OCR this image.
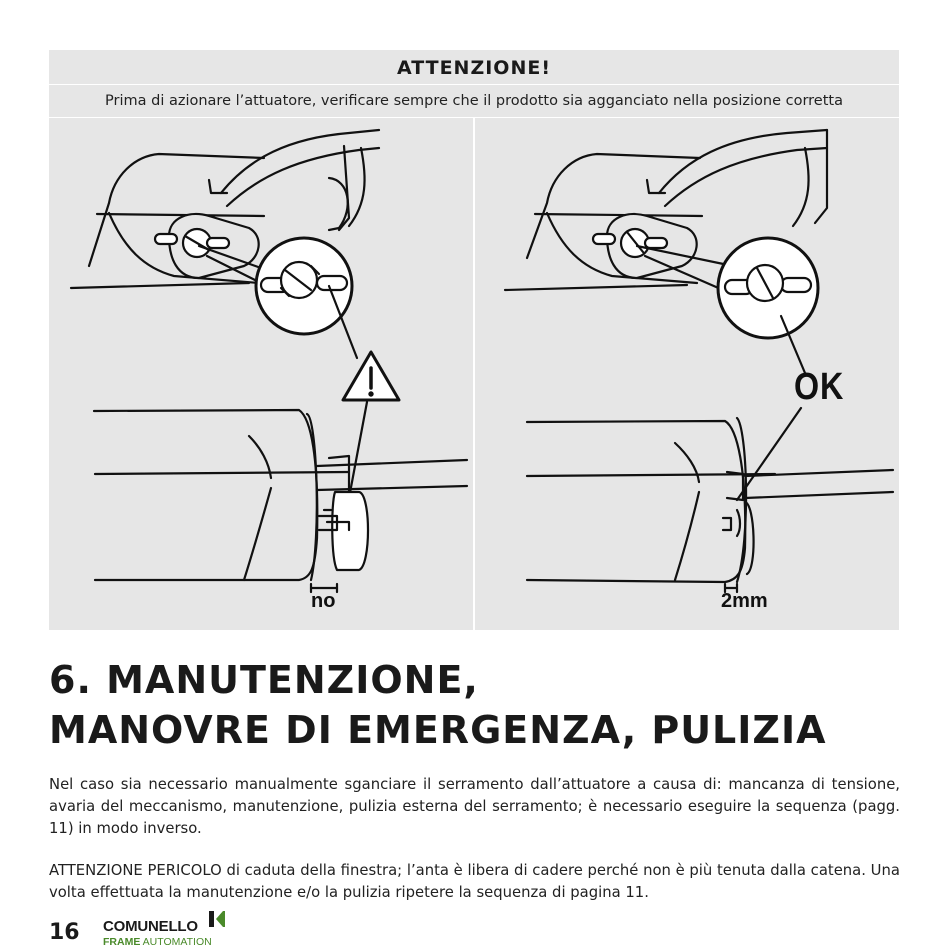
ATTENZIONE!
Prima di azionare l’attuatore, verificare sempre che il prodotto sia agganciato nella posizione corretta
no
OK
2mm
6. MANUTENZIONE,
MANOVRE DI EMERGENZA, PULIZIA

Nel caso sia necessario manualmente sganciare il serramento dall’attuatore a causa di: mancanza di tensione, avaria del meccanismo, manutenzione, pulizia esterna del serramento; è necessario eseguire la sequenza (pagg. 11) in modo inverso.

ATTENZIONE PERICOLO di caduta della finestra; l’anta è libera di cadere perché non è più tenuta dalla catena. Una volta effettuata la manutenzione e/o la pulizia ripetere la sequenza di pagina 11.

16 COMUNELLO
FRAME AUTOMATION
